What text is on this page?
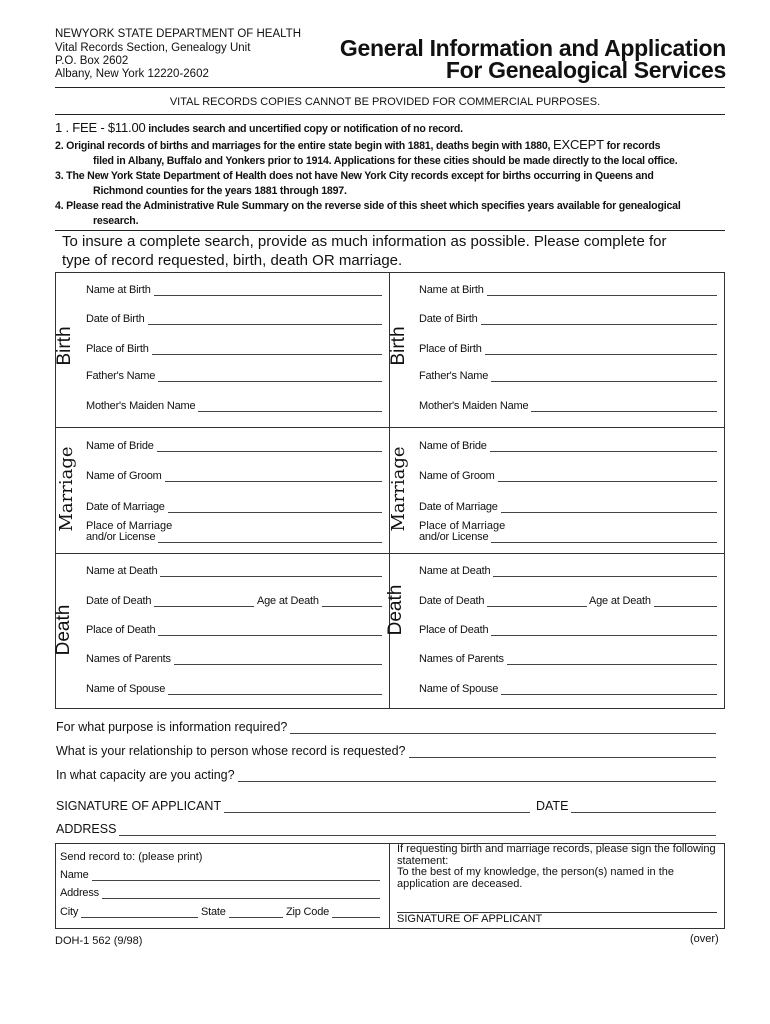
NEWYORK STATE DEPARTMENT OF HEALTH
Vital Records Section, Genealogy Unit
P.O. Box 2602
Albany, New York 12220-2602
General Information and Application
For Genealogical Services
VITAL RECORDS COPIES CANNOT BE PROVIDED FOR COMMERCIAL PURPOSES.
1 . FEE - $11.00 includes search and uncertified copy or notification of no record.
2. Original records of births and marriages for the entire state begin with 1881, deaths begin with 1880, EXCEPT for records
filed in Albany, Buffalo and Yonkers prior to 1914. Applications for these cities should be made directly to the local office.
3. The New York State Department of Health does not have New York City records except for births occurring in Queens and
Richmond counties for the years 1881 through 1897.
4. Please read the Administrative Rule Summary on the reverse side of this sheet which specifies years available for genealogical
research.
To insure a complete search, provide as much information as possible. Please complete for
type of record requested, birth, death OR marriage.
Birth	Birth
Marriage	Marriage
Death	Death
Name at Birth
Date of Birth
Place of Birth
Father's Name
Mother's Maiden Name
Name at Birth
Date of Birth
Place of Birth
Father's Name
Mother's Maiden Name
Name of Bride
Name of Groom
Date of Marriage
Place of Marriage
and/or License
Name of Bride
Name of Groom
Date of Marriage
Place of Marriage
and/or License
Name at Death
Date of Death	Age at Death
Place of Death
Names of Parents
Name of Spouse
Name at Death
Date of Death	Age at Death
Place of Death
Names of Parents
Name of Spouse
For what purpose is information required?
What is your relationship to person whose record is requested?
In what capacity are you acting?
SIGNATURE OF APPLICANT	DATE
ADDRESS
Send record to: (please print)
Name
Address
City	State	Zip Code
If requesting birth and marriage records, please sign the following
statement:
To the best of my knowledge, the person(s) named in the
application are deceased.
SIGNATURE OF APPLICANT
DOH-1 562 (9/98)	(over)
